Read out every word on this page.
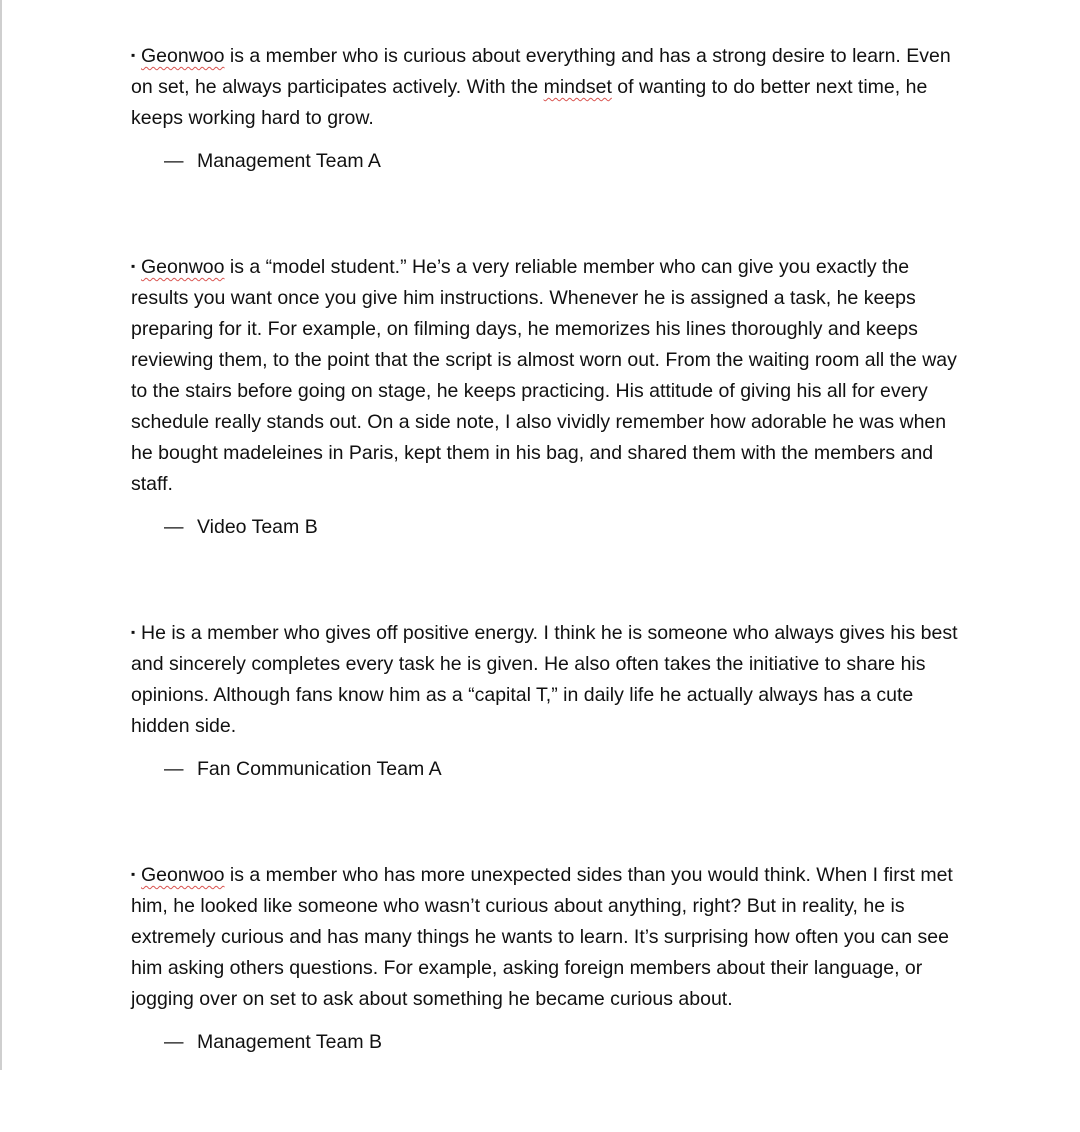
▪ Geonwoo is a member who is curious about everything and has a strong desire to learn. Even on set, he always participates actively. With the mindset of wanting to do better next time, he keeps working hard to grow.

— Management Team A

▪ Geonwoo is a “model student.” He’s a very reliable member who can give you exactly the results you want once you give him instructions. Whenever he is assigned a task, he keeps preparing for it. For example, on filming days, he memorizes his lines thoroughly and keeps reviewing them, to the point that the script is almost worn out. From the waiting room all the way to the stairs before going on stage, he keeps practicing. His attitude of giving his all for every schedule really stands out. On a side note, I also vividly remember how adorable he was when he bought madeleines in Paris, kept them in his bag, and shared them with the members and staff.

— Video Team B

▪ He is a member who gives off positive energy. I think he is someone who always gives his best and sincerely completes every task he is given. He also often takes the initiative to share his opinions. Although fans know him as a “capital T,” in daily life he actually always has a cute hidden side.

— Fan Communication Team A

▪ Geonwoo is a member who has more unexpected sides than you would think. When I first met him, he looked like someone who wasn’t curious about anything, right? But in reality, he is extremely curious and has many things he wants to learn. It’s surprising how often you can see him asking others questions. For example, asking foreign members about their language, or jogging over on set to ask about something he became curious about.

— Management Team B
